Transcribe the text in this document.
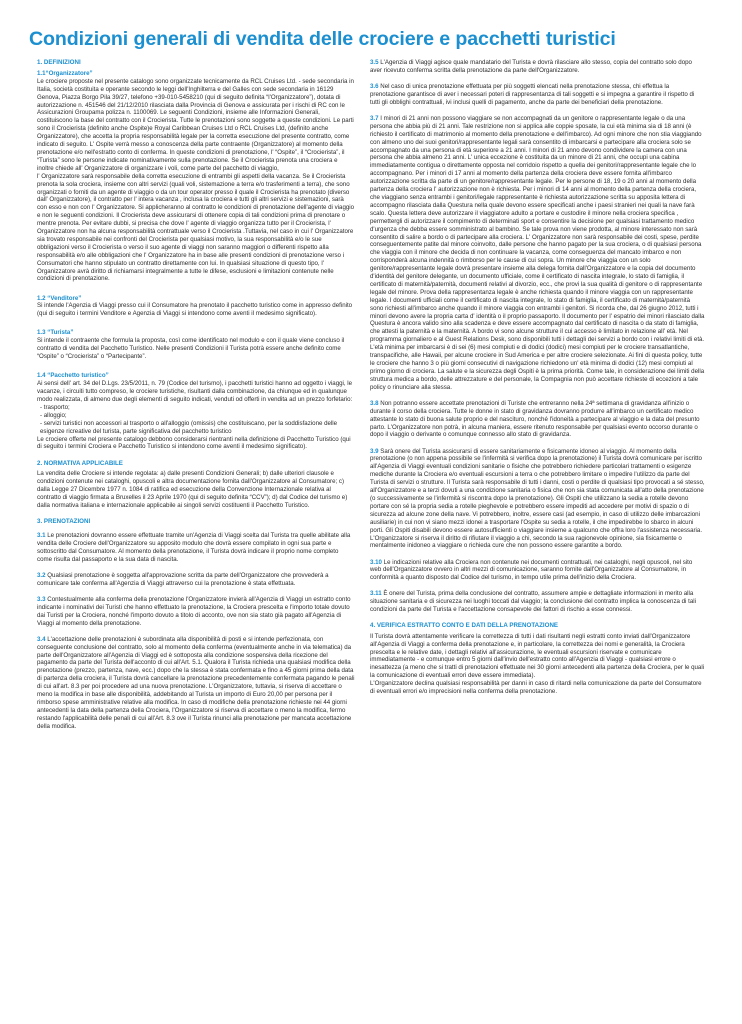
Condizioni generali di vendita delle crociere e pacchetti turistici
1. DEFINIZIONI
1.1“Organizzatore”

Le crociere proposte nel presente catalogo sono organizzate tecnicamente da RCL Cruises Ltd. - sede secondaria in Italia, società costituita e operante secondo le leggi dell'Inghilterra e del Galles con sede secondaria in 16129 Genova, Piazza Borgo Pila 39/27, telefono +39-010-5458210 (qui di seguito definita “l'Organizzatore”), dotata di autorizzazione n. 451546 del 21/12/2010 rilasciata dalla Provincia di Genova e assicurata per i rischi di RC con le Assicurazioni Groupama polizza n. 1100069. Le seguenti Condizioni, insieme alle Informazioni Generali, costituiscono la base del contratto con il Crocierista. Tutte le prenotazioni sono soggette a queste condizioni. Le parti sono il Crocierista (definito anche Ospite)e Royal Caribbean Cruises Ltd o RCL Cruises Ltd, (definito anche Organizzatore), che accetta la propria responsabilità legale per la corretta esecuzione del presente contratto, come indicato di seguito. L' Ospite verrà messo a conoscenza della parte contraente (Organizzatore) al momento della prenotazione e/o nell'estratto conto di conferma. In queste condizioni di prenotazione, l' “Ospite”, il “Crocierista”, il “Turista” sono le persone indicate nominativamente sulla prenotazione. Se il Crocierista prenota una crociera e inoltre chiede all' Organizzatore di organizzare i voli, come parte del pacchetto di viaggio,

l' Organizzatore sarà responsabile della corretta esecuzione di entrambi gli aspetti della vacanza. Se il Crocierista prenota la sola crociera, insieme con altri servizi (quali voli, sistemazione a terra e/o trasferimenti a terra), che sono organizzati o forniti da un agente di viaggio o da un tour operator presso il quale il Crocierista ha prenotato (diverso dall' Organizzatore), il contratto per l' intera vacanza , inclusa la crociera e tutti gli altri servizi e sistemazioni, sarà con esso e non con l' Organizzatore. Si applicheranno al contratto le condizioni di prenotazione dell'agente di viaggio e non le seguenti condizioni. Il Crocierista deve assicurarsi di ottenere copia di tali condizioni prima di prenotare o mentre prenota. Per evitare dubbi, si precisa che dove l' agente di viaggio organizza tutto per il Crocierista, l' Organizzatore non ha alcuna responsabilità contrattuale verso il Crocierista .Tuttavia, nel caso in cui l' Organizzatore sia trovato responsabile nei confronti del Crocierista per qualsiasi motivo, la sua responsabilità e/o le sue obbligazioni verso il Crocierista o verso il suo agente di viaggi non saranno maggiori o differenti rispetto alla responsabilità e/o alle obbligazioni che l' Organizzatore ha in base alle presenti condizioni di prenotazione verso i Consumatori che hanno stipulato un contratto direttamente con lui. In qualsiasi situazione di questo tipo, l' Organizzatore avrà diritto di richiamarsi integralmente a tutte le difese, esclusioni e limitazioni contenute nelle condizioni di prenotazione.

1.2 “Venditore”

Si intende l'Agenzia di Viaggi presso cui il Consumatore ha prenotato il pacchetto turistico come in appresso definito (qui di seguito i termini Venditore e Agenzia di Viaggi si intendono come aventi il medesimo significato).

1.3 “Turista”

Si intende il contraente che formula la proposta, così come identificato nel modulo e con il quale viene concluso il contratto di vendita del Pacchetto Turistico. Nelle presenti Condizioni il Turista potrà essere anche definito come “Ospite” o “Crocierista” o “Partecipante”.

1.4 “Pacchetto turistico”

Ai sensi dell' art. 34 del D.Lgs. 23/5/2011, n. 79 (Codice del turismo), i pacchetti turistici hanno ad oggetto i viaggi, le vacanze, i circuiti tutto compreso, le crociere turistiche, risultanti dalla combinazione, da chiunque ed in qualunque modo realizzata, di almeno due degli elementi di seguito indicati, venduti od offerti in vendita ad un prezzo forfetario:

- trasporto;
- alloggio;
- servizi turistici non accessori al trasporto o all'alloggio (omissis) che costituiscano, per la soddisfazione delle esigenze ricreative del turista, parte significativa del pacchetto turistico

Le crociere offerte nel presente catalogo debbono considerarsi rientranti nella definizione di Pacchetto Turistico (qui di seguito i termini Crociera e Pacchetto Turistico si intendono come aventi il medesimo significato).

2. NORMATIVA APPLICABILE

La vendita delle Crociere si intende regolata: a) dalle presenti Condizioni Generali; b) dalle ulteriori clausole e condizioni contenute nei cataloghi, opuscoli e altra documentazione fornita dall'Organizzatore al Consumatore; c) dalla Legge 27 Dicembre 1977 n. 1084 di ratifica ed esecuzione della Convenzione Internazionale relativa al contratto di viaggio firmata a Bruxelles il 23 Aprile 1970 (qui di seguito definita “CCV”); d) dal Codice del turismo e) dalla normativa italiana e internazionale applicabile ai singoli servizi costituenti il Pacchetto Turistico.

3. PRENOTAZIONI

3.1 Le prenotazioni dovranno essere effettuate tramite un'Agenzia di Viaggi scelta dal Turista tra quelle abilitate alla vendita delle Crociere dell'Organizzatore su apposito modulo che dovrà essere compilato in ogni sua parte e sottoscritto dal Consumatore. Al momento della prenotazione, il Turista dovrà indicare il proprio nome completo come risulta dal passaporto e la sua data di nascita.

3.2 Qualsiasi prenotazione è soggetta all'approvazione scritta da parte dell'Organizzatore che provvederà a comunicare tale conferma all'Agenzia di Viaggi attraverso cui la prenotazione è stata effettuata.

3.3 Contestualmente alla conferma della prenotazione l'Organizzatore invierà all'Agenzia di Viaggi un estratto conto indicante i nominativi dei Turisti che hanno effettuato la prenotazione, la Crociera prescelta e l'importo totale dovuto dai Turisti per la Crociera, nonché l'importo dovuto a titolo di acconto, ove non sia stato già pagato all'Agenzia di Viaggi al momento della prenotazione.

3.4 L'accettazione delle prenotazioni è subordinata alla disponibilità di posti e si intende perfezionata, con conseguente conclusione del contratto, solo al momento della conferma (eventualmente anche in via telematica) da parte dell'Organizzatore all'Agenzia di Viaggi ed è sottoposta alla condizione sospensiva della ricezione del pagamento da parte del Turista dell'acconto di cui all'Art. 5.1. Qualora il Turista richieda una qualsiasi modifica della prenotazione (prezzo, partenza, nave, ecc.) dopo che la stessa è stata confermata e fino a 45 giorni prima della data di partenza della crociera, il Turista dovrà cancellare la prenotazione precedentemente confermata pagando le penali di cui all'art. 8.3 per poi procedere ad una nuova prenotazione. L'Organizzatore, tuttavia, si riserva di accettare o meno la modifica in base alle disponibilità, addebitando al Turista un importo di Euro 20,00 per persona per il rimborso spese amministrative relative alla modifica. In caso di modifiche della prenotazione richieste nei 44 giorni antecedenti la data della partenza della Crociera, l'Organizzatore si riserva di accettare o meno la modifica, fermo restando l'applicabilità delle penali di cui all'Art. 8.3 ove il Turista rinunci alla prenotazione per mancata accettazione della modifica.

3.5 L'Agenzia di Viaggi agisce quale mandatario del Turista e dovrà rilasciare allo stesso, copia del contratto solo dopo aver ricevuto conferma scritta della prenotazione da parte dell'Organizzatore.

3.6 Nel caso di unica prenotazione effettuata per più soggetti elencati nella prenotazione stessa, chi effettua la prenotazione garantisce di aver i necessari poteri di rappresentanza di tali soggetti e si impegna a garantire il rispetto di tutti gli obblighi contrattuali, ivi inclusi quelli di pagamento, anche da parte dei beneficiari della prenotazione.

3.7 I minori di 21 anni non possono viaggiare se non accompagnati da un genitore o rappresentante legale o da una persona che abbia più di 21 anni. Tale restrizione non si applica alle coppie sposate, la cui età minima sia di 18 anni (è richiesto il certificato di matrimonio al momento della prenotazione e dell'imbarco). Ad ogni minore che non stia viaggiando con almeno uno dei suoi genitori/rappresentante legali sarà consentito di imbarcarsi e partecipare alla crociera solo se accompagnato da una persona di età superiore a 21 anni. I minori di 21 anno devono condividere la camera con una persona che abbia almeno 21 anni. L' unica eccezione è costituita da un minore di 21 anni, che occupi una cabina immediatamente contigua o direttamente opposta nel corridoio rispetto a quella dei genitori/rappresentante legale che lo accompagnano. Per i minori di 17 anni al momento della partenza della crociera deve essere fornita all'imbarco autorizzazione scritta da parte di un genitore/rappresentante legale. Per le persone di 18, 19 o 20 anni al momento della partenza della crociera l' autorizzazione non è richiesta. Per i minori di 14 anni al momento della partenza della crociera, che viaggiano senza entrambi i genitori/legale rappresentante è richiesta autorizzazione scritta su apposita lettera di accompagno rilasciata dalla Questura nella quale devono essere specificati anche i paesi stranieri nei quali la nave farà scalo. Questa lettera deve autorizzare il viaggiatore adulto a portare e custodire il minore nella crociera specifica , permettergli di autorizzare il compimento di determinati sport e consentire la decisione per qualsiasi trattamento medico d'urgenza che debba essere somministrato al bambino. Se tale prova non viene prodotta, al minore interessato non sarà consentito di salire a bordo o di partecipare alla crociera. L' Organizzatore non sarà responsabile dei costi, spese, perdite conseguentemente patite dal minore coinvolto, dalle persone che hanno pagato per la sua crociera, o di qualsiasi persona che viaggia con il minore che decida di non continuare la vacanza, come conseguenza del mancato imbarco e non corrisponderà alcuna indennità o rimborso per le cause di cui sopra. Un minore che viaggia con un solo genitore/rappresentante legale dovrà presentare insieme alla delega fornita dall'Organizzatore e la copia del documento d'identità del genitore delegante, un documento ufficiale, come il certificato di nascita integrale, lo stato di famiglia, il certificato di maternità/paternità, documenti relativi al divorzio, ecc., che provi la sua qualità di genitore o di rappresentante legale del minore. Prova della rappresentanza legale è anche richiesta quando il minore viaggia con un rappresentante legale. I documenti ufficiali come il certificato di nascita integrale, lo stato di famiglia, il certificato di maternità/paternità sono richiesti all'imbarco anche quando il minore viaggia con entrambi i genitori. Si ricorda che, dal 26 giugno 2012, tutti i minori devono avere la propria carta d' identità o il proprio passaporto. Il documento per l' espatrio dei minori rilasciato dalla Questura è ancora valido sino alla scadenza e deve essere accompagnato dal certificato di nascita o da stato di famiglia, che attesti la paternità e la maternità. A bordo vi sono alcune strutture il cui accesso è limitato in relazione all' età. Nel programma giornaliero e al Guest Relations Desk, sono disponibili tutti i dettagli dei servizi a bordo con i relativi limiti di età. L'età minima per imbarcarsi è di sei (6) mesi compiuti e di dodici (dodici) mesi compiuti per le crociere transatlantiche, transpacifiche, alle Hawaii, per alcune crociere in Sud America e per altre crociere selezionate. Ai fini di questa policy, tutte le crociere che hanno 3 o più giorni consecutivi di navigazione richiedono un' età minima di dodici (12) mesi compiuti al primo giorno di crociera. La salute e la sicurezza degli Ospiti è la prima priorità. Come tale, in considerazione dei limiti della struttura medica a bordo, delle attrezzature e del personale, la Compagnia non può accettare richieste di eccezioni a tale policy o rinunciare alla stessa.

3.8 Non potranno essere accettate prenotazioni di Turiste che entreranno nella 24ª settimana di gravidanza all'inizio o durante il corso della crociera. Tutte le donne in stato di gravidanza dovranno produrre all'imbarco un certificato medico attestante lo stato di buona salute proprio e del nascituro, nonché l'idoneità a partecipare al viaggio e la data del presunto parto. L'Organizzatore non potrà, in alcuna maniera, essere ritenuto responsabile per qualsiasi evento occorso durante o dopo il viaggio o derivante o comunque connesso allo stato di gravidanza.

3.9 Sarà onere del Turista assicurarsi di essere sanitariamente e fisicamente idoneo al viaggio. Al momento della prenotazione (o non appena possibile se l'infermità si verifica dopo la prenotazione) il Turista dovrà comunicare per iscritto all'Agenzia di Viaggi eventuali condizioni sanitarie o fisiche che potrebbero richiedere particolari trattamenti o esigenze mediche durante la Crociera e/o eventuali escursioni a terra o che potrebbero limitare o impedire l'utilizzo da parte del Turista di servizi o strutture. Il Turista sarà responsabile di tutti i danni, costi o perdite di qualsiasi tipo provocati a sé stesso, all'Organizzatore e a terzi dovuti a una condizione sanitaria o fisica che non sia stata comunicata all'atto della prenotazione (o successivamente se l'infermità si riscontra dopo la prenotazione). Gli Ospiti che utilizzano la sedia a rotelle devono portare con sé la propria sedia a rotelle pieghevole e potrebbero essere impediti ad accedere per motivi di spazio o di sicurezza ad alcune zone della nave. Vi potrebbero, inoltre, essere casi (ad esempio, in caso di utilizzo delle imbarcazioni ausiliarie) in cui non vi siano mezzi idonei a trasportare l'Ospite su sedia a rotelle, il che impedirebbe lo sbarco in alcuni porti. Gli Ospiti disabili devono essere autosufficienti o viaggiare insieme a qualcuno che offra loro l'assistenza necessaria. L'Organizzatore si riserva il diritto di rifiutare il viaggio a chi, secondo la sua ragionevole opinione, sia fisicamente o mentalmente inidoneo a viaggiare o richieda cure che non possono essere garantite a bordo.

3.10 Le indicazioni relative alla Crociera non contenute nei documenti contrattuali, nei cataloghi, negli opuscoli, nel sito web dell'Organizzatore ovvero in altri mezzi di comunicazione, saranno fornite dall'Organizzatore al Consumatore, in conformità a quanto disposto dal Codice del turismo, in tempo utile prima dell'inizio della Crociera.

3.11 È onere del Turista, prima della conclusione del contratto, assumere ampie e dettagliate informazioni in merito alla situazione sanitaria e di sicurezza nei luoghi toccati dal viaggio; la conclusione del contratto implica la conoscenza di tali condizioni da parte del Turista e l'accettazione consapevole dei fattori di rischio a esse connessi.

4. VERIFICA ESTRATTO CONTO E DATI DELLA PRENOTAZIONE

Il Turista dovrà attentamente verificare la correttezza di tutti i dati risultanti negli estratti conto inviati dall'Organizzatore all'Agenzia di Viaggi a conferma della prenotazione e, in particolare, la correttezza dei nomi e generalità, la Crociera prescelta e le relative date, i dettagli relativi all'assicurazione, le eventuali escursioni riservate e comunicare immediatamente - e comunque entro 5 giorni dall'invio dell'estratto conto all'Agenzia di Viaggi - qualsiasi errore o inesattezza (a meno che si tratti di prenotazioni effettuate nei 30 giorni antecedenti alla partenza della Crociera, per le quali la comunicazione di eventuali errori deve essere immediata).

L'Organizzatore declina qualsiasi responsabilità per danni in caso di ritardi nella comunicazione da parte del Consumatore di eventuali errori e/o imprecisioni nella conferma della prenotazione.
